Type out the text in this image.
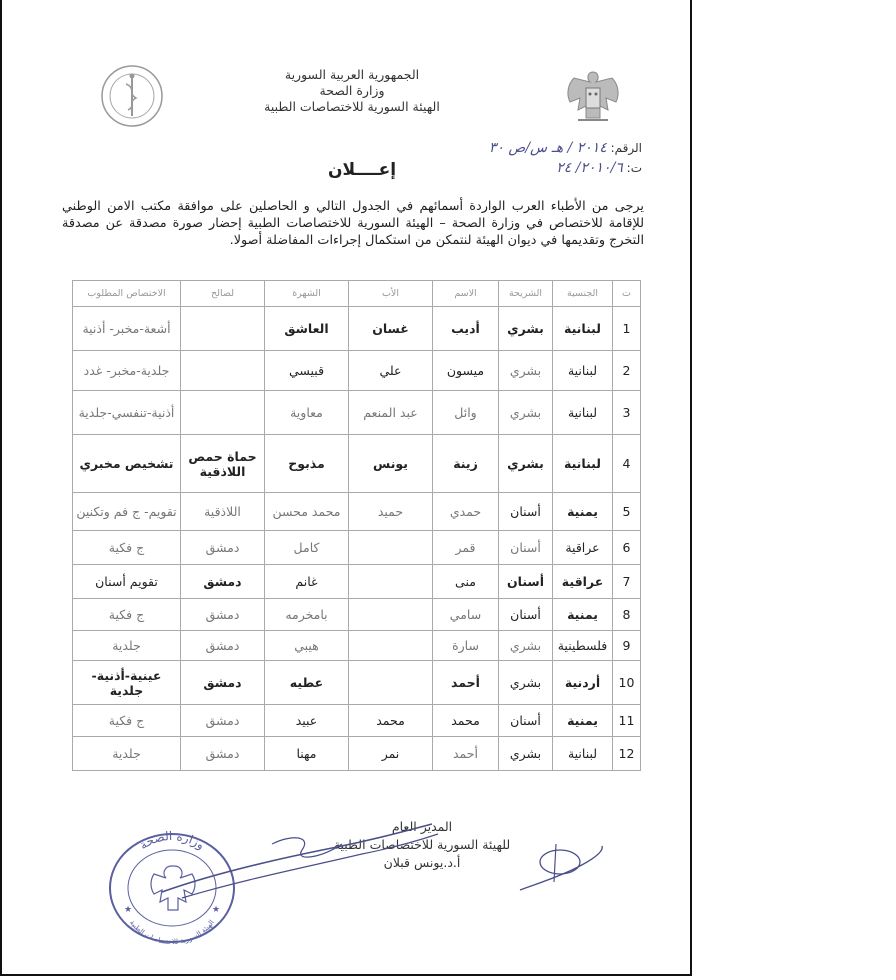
الجمهورية العربية السورية
وزارة الصحة
الهيئة السورية للاختصاصات الطبية
الرقم: ٢٠١٤ / هـ س/ص ٣٠
ت: ٢٠١٠/٦/ ٢٤
إعــــلان
يرجى من الأطباء العرب الواردة أسمائهم في الجدول التالي و الحاصلين على موافقة مكتب الامن الوطني للإقامة للاختصاص في وزارة الصحة – الهيئة السورية للاختصاصات الطبية إحضار صورة مصدقة عن مصدقة التخرج وتقديمها في ديوان الهيئة لنتمكن من استكمال إجراءات المفاضلة أصولا.
ت	الجنسية	الشريحة	الاسم	الأب	الشهرة	لصالح	الاختصاص المطلوب
1	لبنانية	بشري	أديب	غسان	العاشق		أشعة-مخبر- أذنية
2	لبنانية	بشري	ميسون	علي	قبيسي		جلدية-مخبر- غدد
3	لبنانية	بشري	وائل	عبد المنعم	معاوية		أذنية-تنفسي-جلدية
4	لبنانية	بشري	زينة	يونس	مذبوح	حماة حمص اللاذقية	تشخيص مخبري
5	يمنية	أسنان	حمدي	حميد	محمد محسن	اللاذقية	تقويم- ج فم وتكنين
6	عراقية	أسنان	قمر		كامل	دمشق	ج فكية
7	عراقية	أسنان	منى		غانم	دمشق	تقويم أسنان
8	يمنية	أسنان	سامي		بامخرمه	دمشق	ج فكية
9	فلسطينية	بشري	سارة		هيبي	دمشق	جلدية
10	أردنية	بشري	أحمد		عطيه	دمشق	عينية-أذنية-جلدية
11	يمنية	أسنان	محمد	محمد	عبيد	دمشق	ج فكية
12	لبنانية	بشري	أحمد	نمر	مهنا	دمشق	جلدية
المدير العام
للهيئة السورية للاختصاصات الطبية
أ.د.يونس قبلان
وزارة الصحة
الهيئة السورية للاختصاصات الطبية
★	★
